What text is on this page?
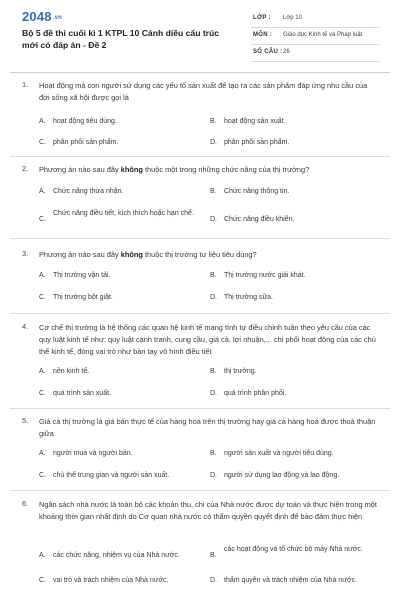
2048.vn
Bộ 5 đề thi cuối kì 1 KTPL 10 Cánh diều cấu trúc mới có đáp án - Đề 2
LỚP : Lớp 10
MÔN : Giáo dục Kinh tế và Pháp luật
SỐ CÂU : 26
1. Hoạt động mà con người sử dụng các yếu tố sản xuất để tạo ra các sản phẩm đáp ứng nhu cầu của đời sống xã hội được gọi là
A. hoạt động tiêu dùng.	B. hoạt động sản xuất.
C. phân phối sản phẩm.	D. phân phối sản phẩm.
2. Phương án nào sau đây không thuộc một trong những chức năng của thị trường?
A. Chức năng thừa nhận.	B. Chức năng thông tin.
C.
Chức năng điều tiết, kích thích hoặc hạn chế.
D. Chức năng điều khiển.
3. Phương án nào sau đây không thuộc thị trường tư liệu tiêu dùng?
A. Thị trường vận tải.	B. Thị trường nước giải khát.
C. Thị trường bột giặt.	D. Thị trường sữa.
4. Cơ chế thị trường là hệ thống các quan hệ kinh tế mang tính tự điều chỉnh tuân theo yêu cầu của các quy luật kinh tế như: quy luật cạnh tranh, cung cầu, giá cả, lợi nhuận,... chi phối hoạt động của các chủ thể kinh tế, đóng vai trò như bàn tay vô hình điều tiết
A. nền kinh tế.	B. thị trường.
C. quá trình sản xuất.	D. quá trình phân phối.
5. Giá cả thị trường là giá bán thực tế của hàng hoá trên thị trường hay giá cả hàng hoá được thoả thuận giữa
A. người mua và người bán.	B. người sản xuất và người tiêu dùng.
C. chủ thể trung gian và người sản xuất.	D. người sử dụng lao động và lao động.
6. Ngân sách nhà nước là toàn bộ các khoản thu, chi của Nhà nước được dự toán và thực hiện trong một khoảng thời gian nhất định do Cơ quan nhà nước có thẩm quyền quyết định để bảo đảm thực hiện
A. các chức năng, nhiệm vụ của Nhà nước.	B.
các hoạt động và tổ chức bộ máy Nhà nước.
C. vai trò và trách nhiệm của Nhà nước.	D. thẩm quyền và trách nhiệm của Nhà nước.
